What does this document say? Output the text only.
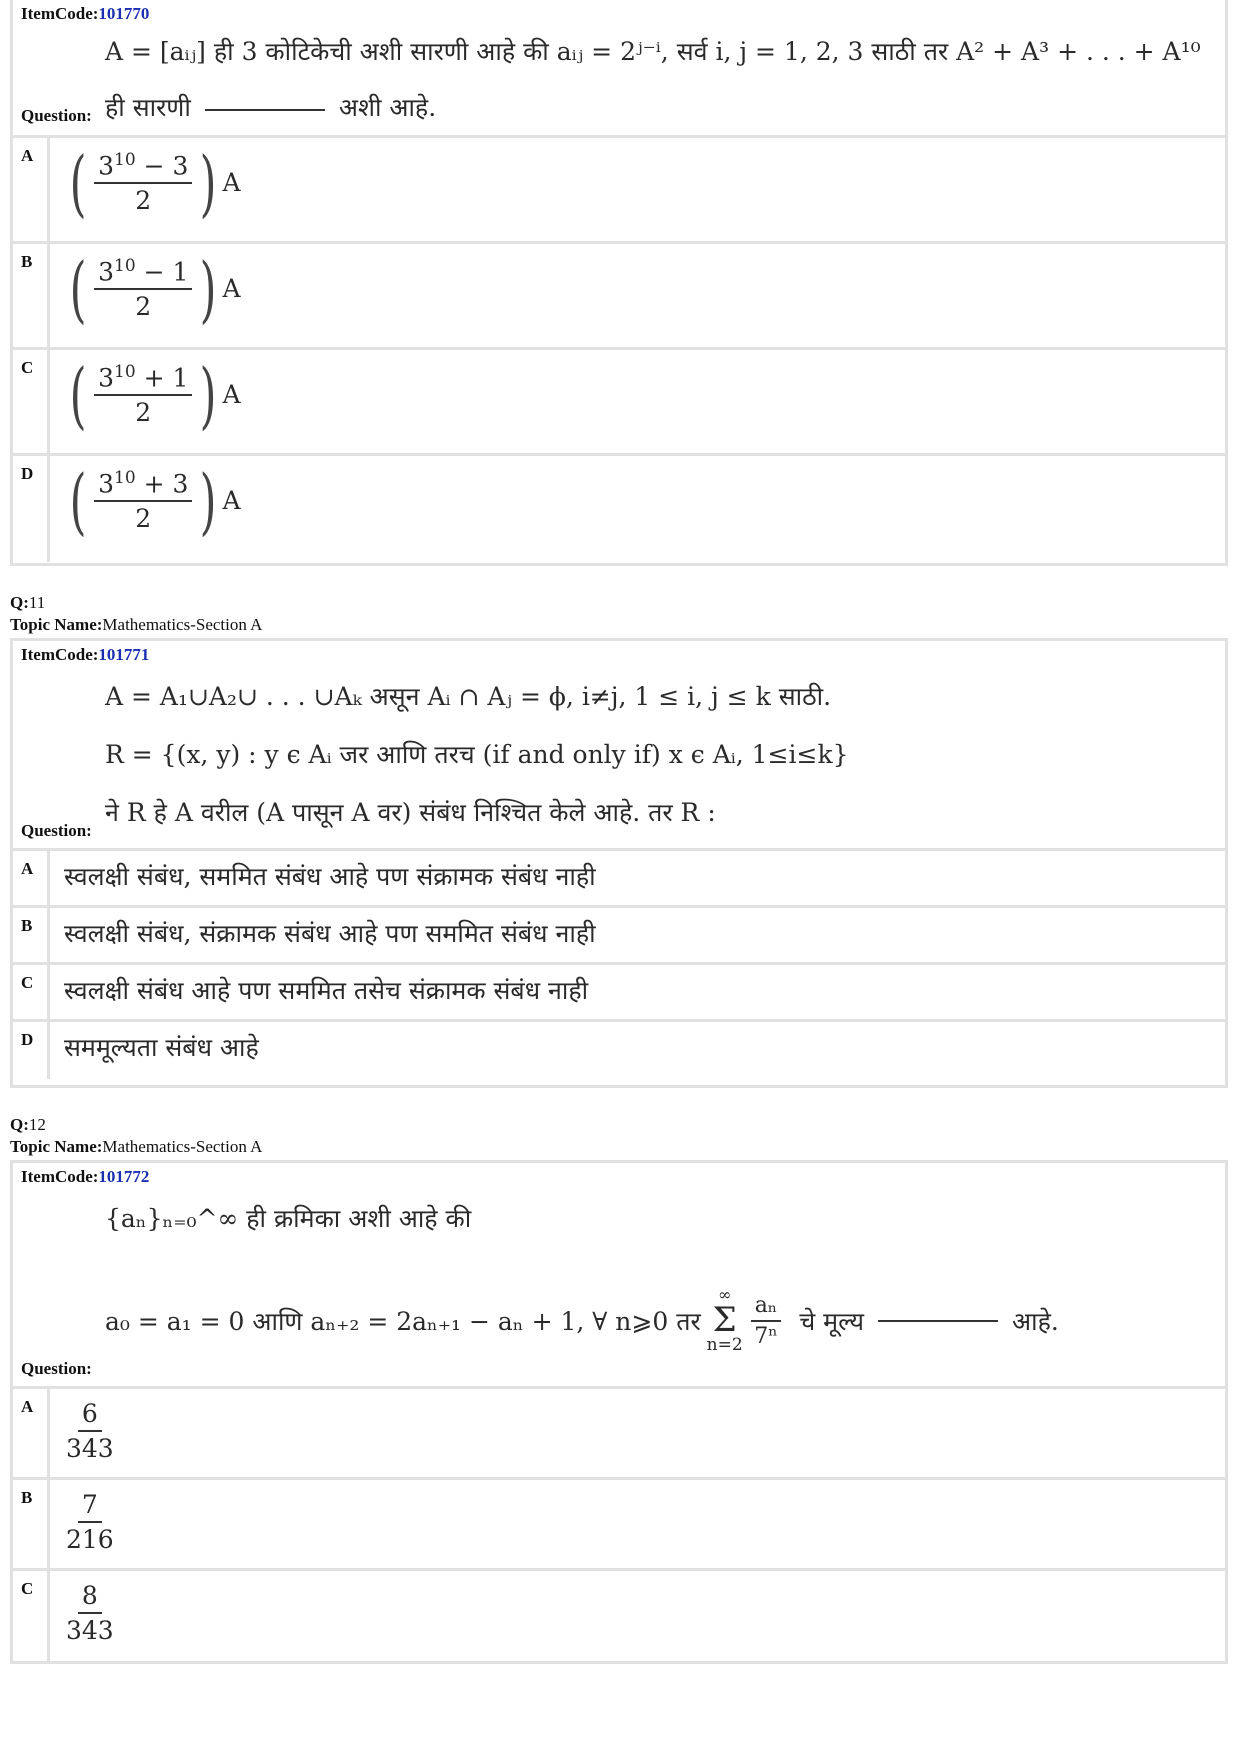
ItemCode:101770
A = [aᵢⱼ] ही 3 कोटिकेची अशी सारणी आहे की aᵢⱼ = 2ʲ⁻ⁱ, सर्व i, j = 1, 2, 3 साठी तर A² + A³ + . . . + A¹⁰
ही सारणी	अशी आहे.
Question:
A ( $\frac{3^{10} - 3}{2}$ ) A
B ( $\frac{3^{10} - 1}{2}$ ) A
C ( $\frac{3^{10} + 1}{2}$ ) A
D ( $\frac{3^{10} + 3}{2}$ ) A
Q:11
Topic Name:Mathematics-Section A
ItemCode:101771
A = A₁∪A₂∪ . . . ∪Aₖ असून Aᵢ ∩ Aⱼ = ϕ, i≠j, 1 ≤ i, j ≤ k साठी.
R = {(x, y) : y ϵ Aᵢ जर आणि तरच (if and only if) x ϵ Aᵢ, 1≤i≤k}
ने R हे A वरील (A पासून A वर) संबंध निश्चित केले आहे. तर R :
Question:
A	स्वलक्षी संबंध, सममित संबंध आहे पण संक्रामक संबंध नाही
B	स्वलक्षी संबंध, संक्रामक संबंध आहे पण सममित संबंध नाही
C	स्वलक्षी संबंध आहे पण सममित तसेच संक्रामक संबंध नाही
D	सममूल्यता संबंध आहे
Q:12
Topic Name:Mathematics-Section A
ItemCode:101772
{aₙ}ₙ₌₀^∞ ही क्रमिका अशी आहे की
a₀ = a₁ = 0 आणि aₙ₊₂ = 2aₙ₊₁ − aₙ + 1, ∀ n⩾0 तर
∞
Σ
$n=2 \frac{\text{aₙ}}{\text{7ⁿ}}$ चे मूल्य	आहे.
Question:
A	$\frac{6}{343}$
B	$\frac{7}{216}$
C	$\frac{8}{343}$
